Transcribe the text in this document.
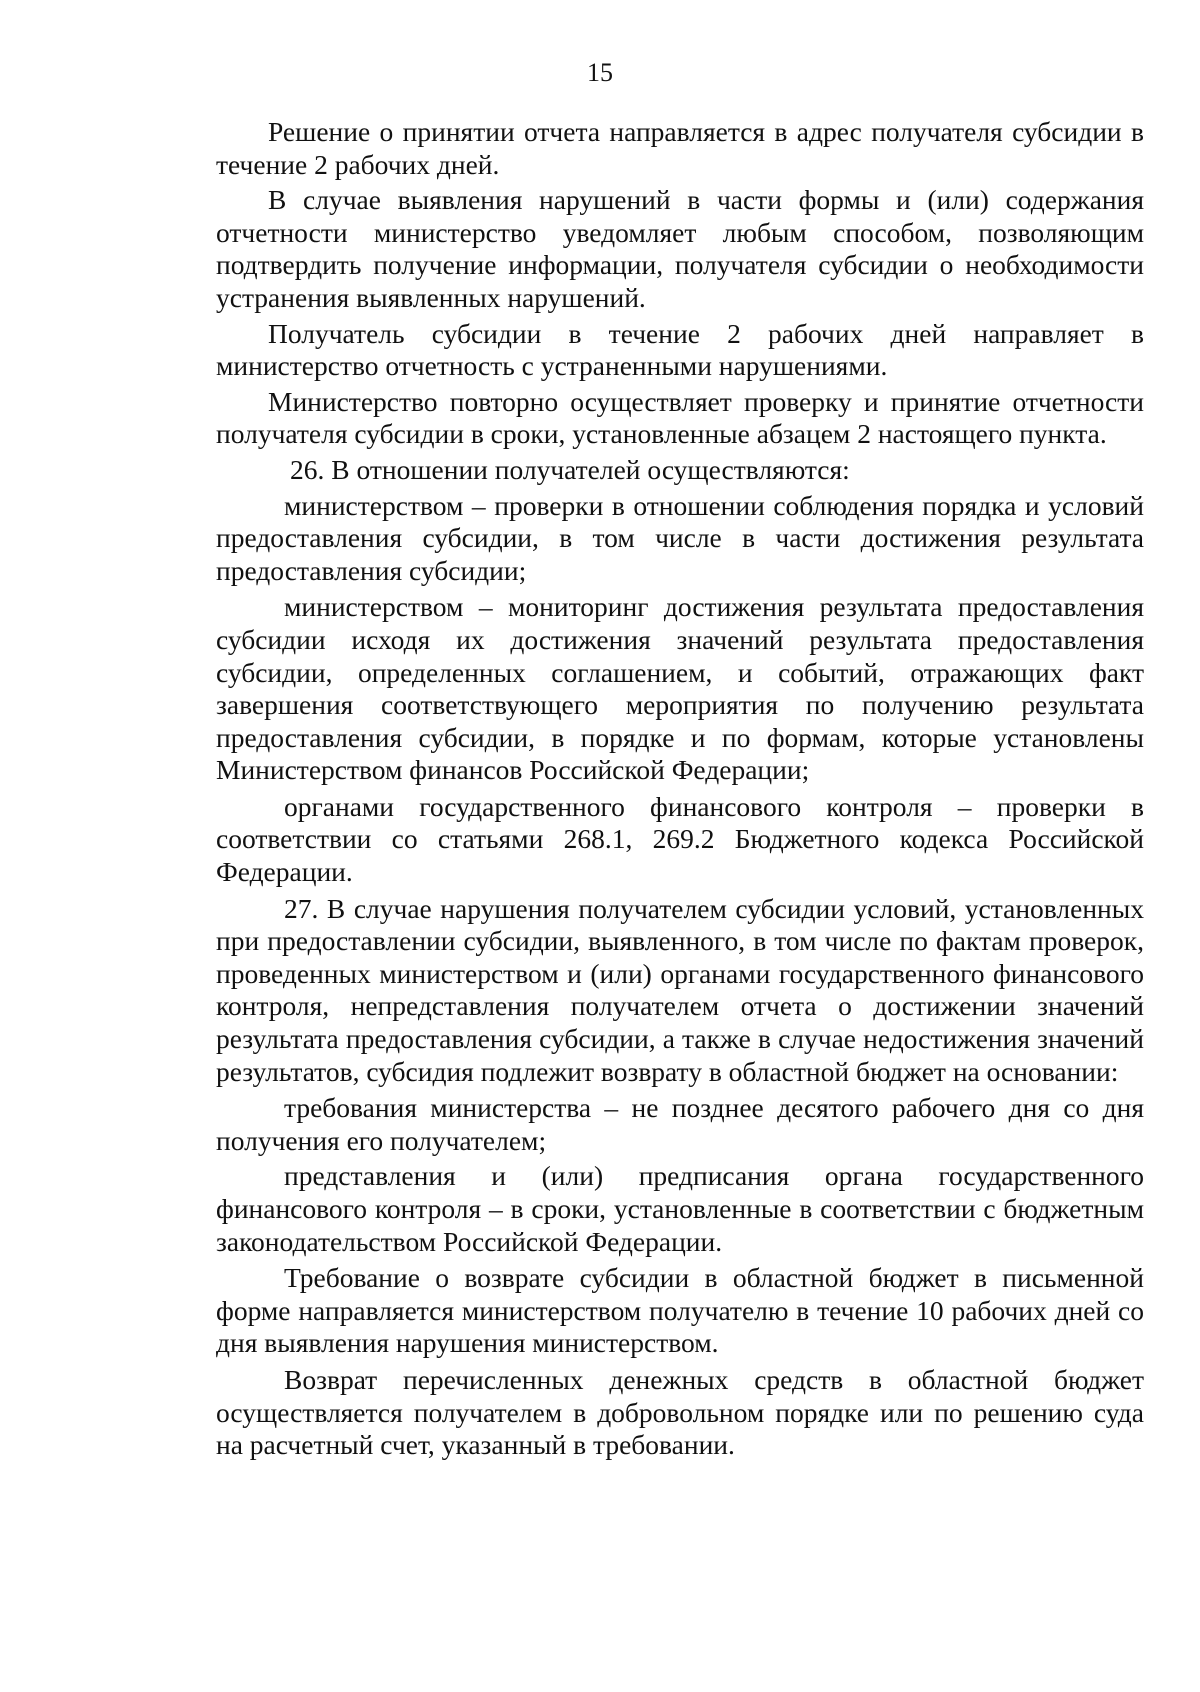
15

Решение о принятии отчета направляется в адрес получателя субсидии в течение 2 рабочих дней.

В случае выявления нарушений в части формы и (или) содержания отчетности министерство уведомляет любым способом, позволяющим подтвердить получение информации, получателя субсидии о необходимости устранения выявленных нарушений.

Получатель субсидии в течение 2 рабочих дней направляет в министерство отчетность с устраненными нарушениями.

Министерство повторно осуществляет проверку и принятие отчетности получателя субсидии в сроки, установленные абзацем 2 настоящего пункта.

26. В отношении получателей осуществляются:

министерством – проверки в отношении соблюдения порядка и условий предоставления субсидии, в том числе в части достижения результата предоставления субсидии;

министерством – мониторинг достижения результата предоставления субсидии исходя их достижения значений результата предоставления субсидии, определенных соглашением, и событий, отражающих факт завершения соответствующего мероприятия по получению результата предоставления субсидии, в порядке и по формам, которые установлены Министерством финансов Российской Федерации;

органами государственного финансового контроля – проверки в соответствии со статьями 268.1, 269.2 Бюджетного кодекса Российской Федерации.

27. В случае нарушения получателем субсидии условий, установленных при предоставлении субсидии, выявленного, в том числе по фактам проверок, проведенных министерством и (или) органами государственного финансового контроля, непредставления получателем отчета о достижении значений результата предоставления субсидии, а также в случае недостижения значений результатов, субсидия подлежит возврату в областной бюджет на основании:

требования министерства – не позднее десятого рабочего дня со дня получения его получателем;

представления и (или) предписания органа государственного финансового контроля – в сроки, установленные в соответствии с бюджетным законодательством Российской Федерации.

Требование о возврате субсидии в областной бюджет в письменной форме направляется министерством получателю в течение 10 рабочих дней со дня выявления нарушения министерством.

Возврат перечисленных денежных средств в областной бюджет осуществляется получателем в добровольном порядке или по решению суда на расчетный счет, указанный в требовании.
